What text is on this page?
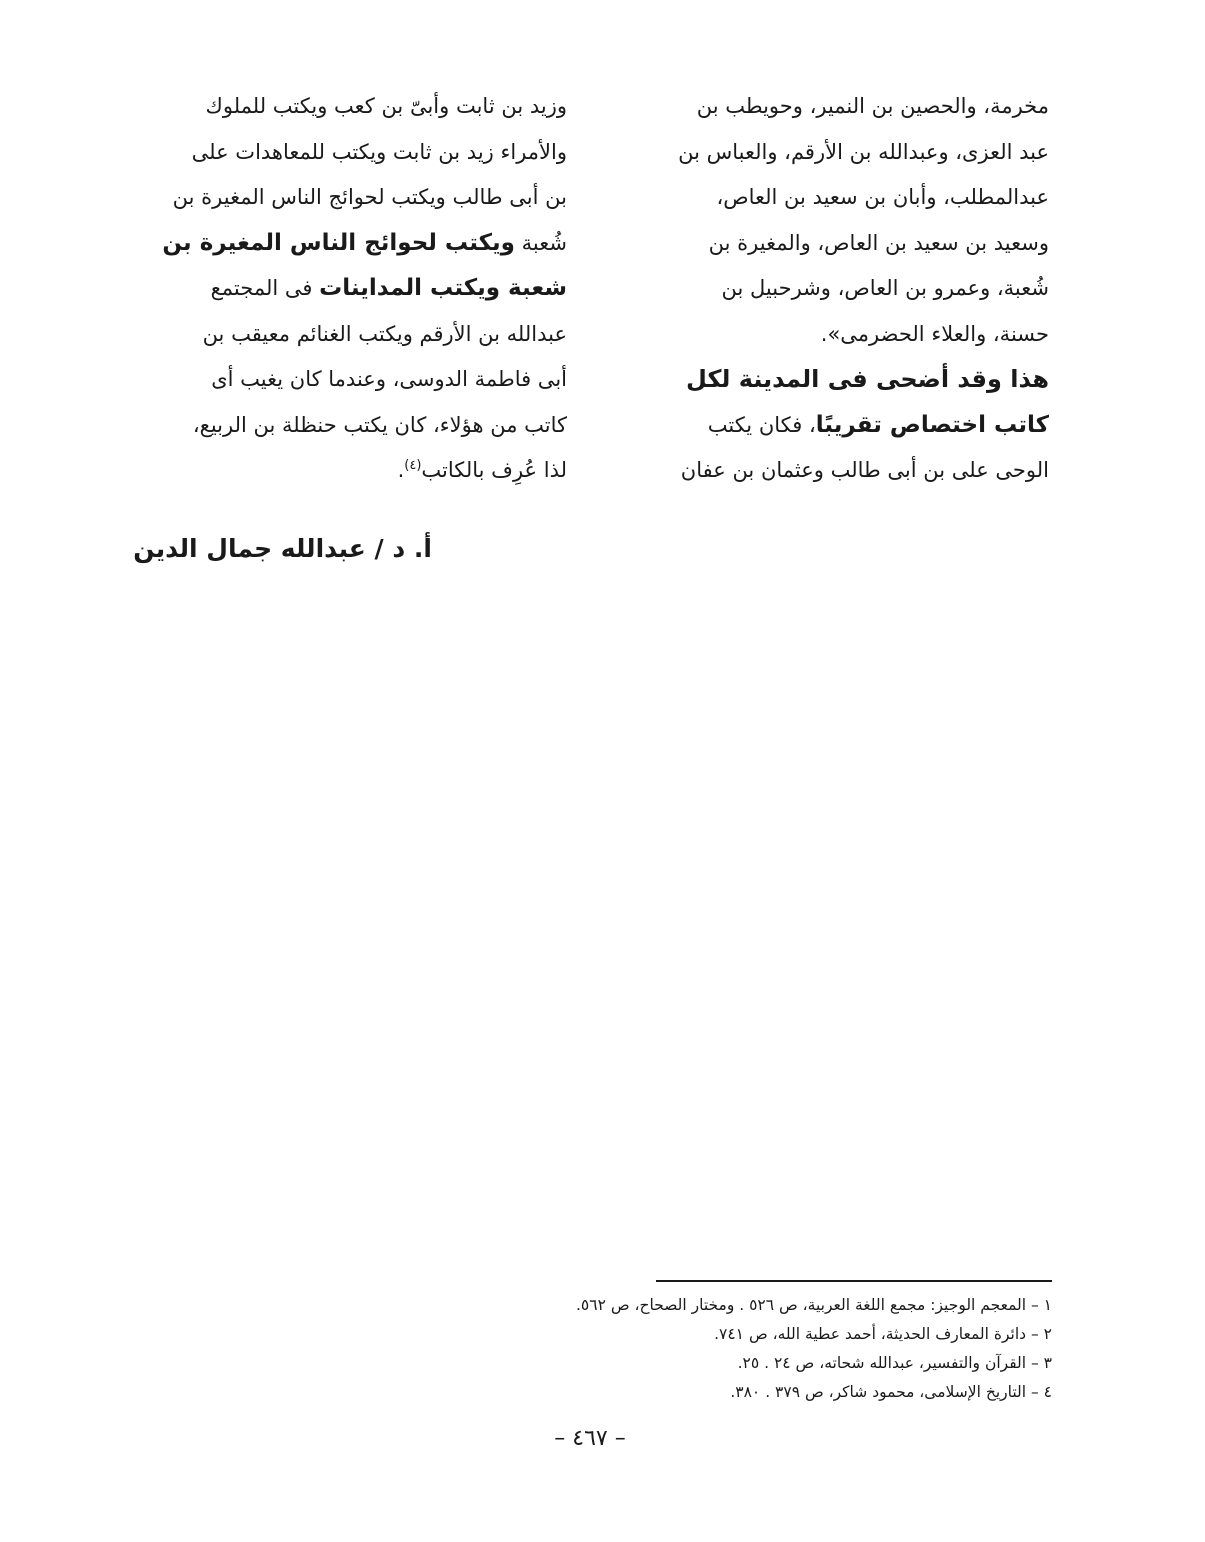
مخرمة، والحصين بن النمير، وحويطب بن
عبد العزى، وعبدالله بن الأرقم، والعباس بن
عبدالمطلب، وأبان بن سعيد بن العاص،
وسعيد بن سعيد بن العاص، والمغيرة بن
شُعبة، وعمرو بن العاص، وشرحبيل بن
حسنة، والعلاء الحضرمى».
هذا وقد أضحى فى المدينة لكل
كاتب اختصاص تقريبًا، فكان يكتب
الوحى على بن أبى طالب وعثمان بن عفان
وزيد بن ثابت وأبىّ بن كعب ويكتب للملوك
والأمراء زيد بن ثابت ويكتب للمعاهدات على
بن أبى طالب ويكتب لحوائج الناس المغيرة بن
شُعبة ويكتب لحوائج الناس المغيرة بن
شعبة ويكتب المداينات فى المجتمع
عبدالله بن الأرقم ويكتب الغنائم معيقب بن
أبى فاطمة الدوسى، وعندما كان يغيب أى
كاتب من هؤلاء، كان يكتب حنظلة بن الربيع،
لذا عُرِف بالكاتب$^{(٤)}$.
أ. د / عبدالله جمال الدين
١ – المعجم الوجيز: مجمع اللغة العربية، ص ٥٢٦ . ومختار الصحاح، ص ٥٦٢.
٢ – دائرة المعارف الحديثة، أحمد عطية الله، ص ٧٤١.
٣ – القرآن والتفسير، عبدالله شحاته، ص ٢٤ . ٢٥.
٤ – التاريخ الإسلامى، محمود شاكر، ص ٣٧٩ . ٣٨٠.
– ٤٦٧ –
